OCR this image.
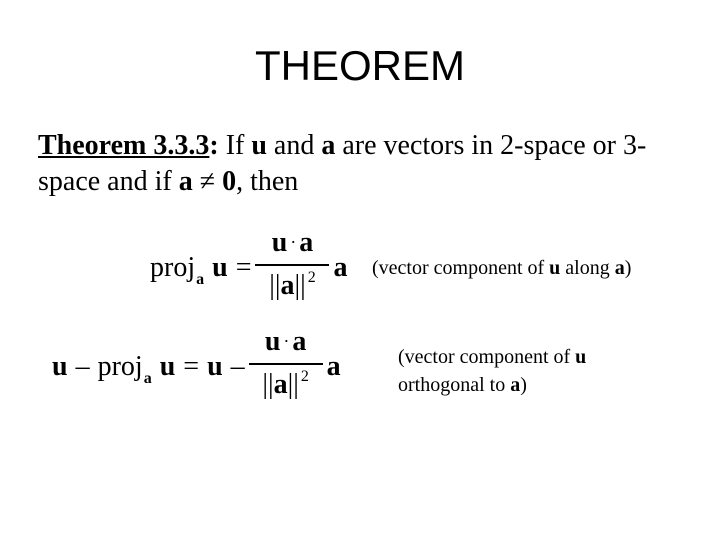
THEOREM
Theorem 3.3.3: If u and a are vectors in 2-space or 3-space and if a ≠ 0, then
proj a $u = \frac{u \cdot a}{||a|| ^2}$ a (vector component of u along a)
u – proj a $u = u - \frac{u \cdot a}{||a|| ^2}$ a	(vector component of u
orthogonal to a)
